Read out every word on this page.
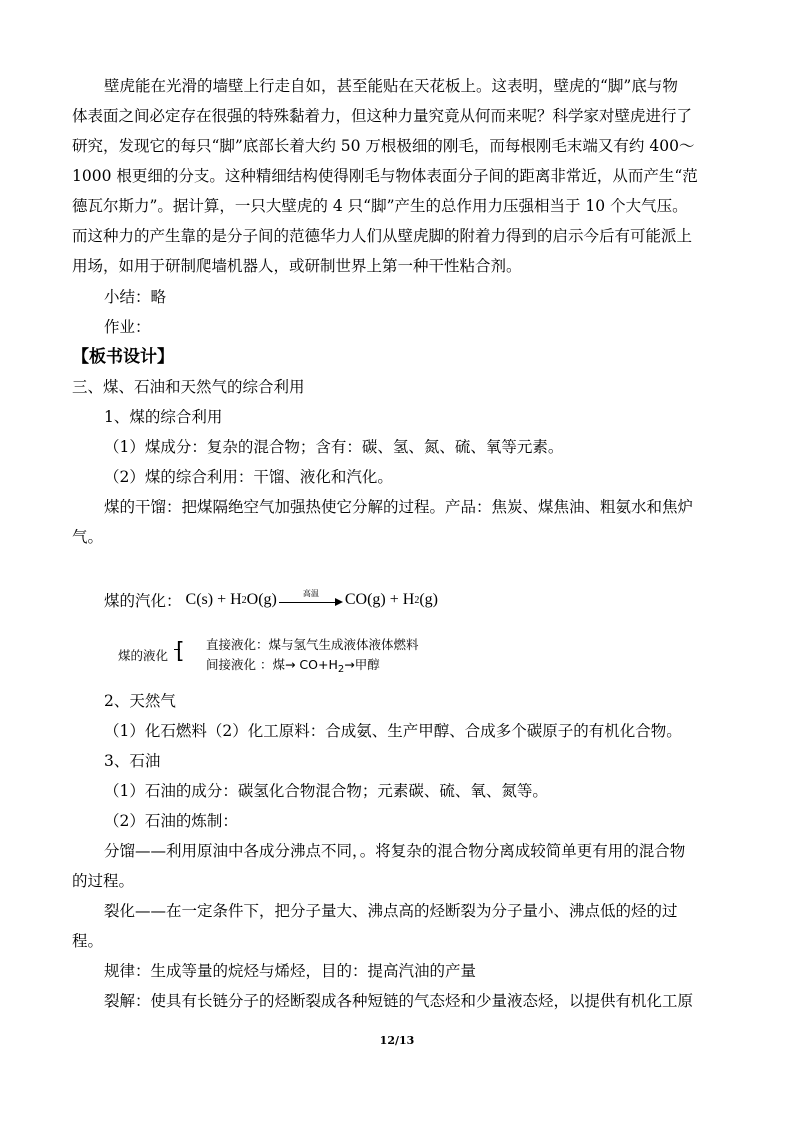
壁虎能在光滑的墙壁上行走自如，甚至能贴在天花板上。这表明，壁虎的“脚”底与物
体表面之间必定存在很强的特殊黏着力，但这种力量究竟从何而来呢？科学家对壁虎进行了
研究，发现它的每只“脚”底部长着大约 50 万根极细的刚毛，而每根刚毛末端又有约 400～
1000 根更细的分支。这种精细结构使得刚毛与物体表面分子间的距离非常近，从而产生“范
德瓦尔斯力”。据计算，一只大壁虎的 4 只“脚”产生的总作用力压强相当于 10 个大气压。
而这种力的产生靠的是分子间的范德华力人们从壁虎脚的附着力得到的启示今后有可能派上
用场，如用于研制爬墙机器人，或研制世界上第一种干性粘合剂。
小结：略
作业：
【板书设计】
三、煤、石油和天然气的综合利用
1、煤的综合利用
（1）煤成分：复杂的混合物；含有：碳、氢、氮、硫、氧等元素。
（2）煤的综合利用：干馏、液化和汽化。
煤的干馏：把煤隔绝空气加强热使它分解的过程。产品：焦炭、煤焦油、粗氨水和焦炉
气。
煤的汽化： C(s) + H 2 O(g)	高温	CO(g) + H 2 (g)
煤的液化 [ 直接液化：煤与氢气生成液体液体燃料
间接液化 ：煤→ $CO+H_2\to$甲醇
2、天然气
（1）化石燃料（2）化工原料：合成氨、生产甲醇、合成多个碳原子的有机化合物。
3、石油
（1）石油的成分：碳氢化合物混合物；元素碳、硫、氧、氮等。
（2）石油的炼制：
分馏——利用原油中各成分沸点不同，。将复杂的混合物分离成较简单更有用的混合物
的过程。
裂化——在一定条件下，把分子量大、沸点高的烃断裂为分子量小、沸点低的烃的过
程。
规律：生成等量的烷烃与烯烃，目的：提高汽油的产量
裂解：使具有长链分子的烃断裂成各种短链的气态烃和少量液态烃，以提供有机化工原
12/13
